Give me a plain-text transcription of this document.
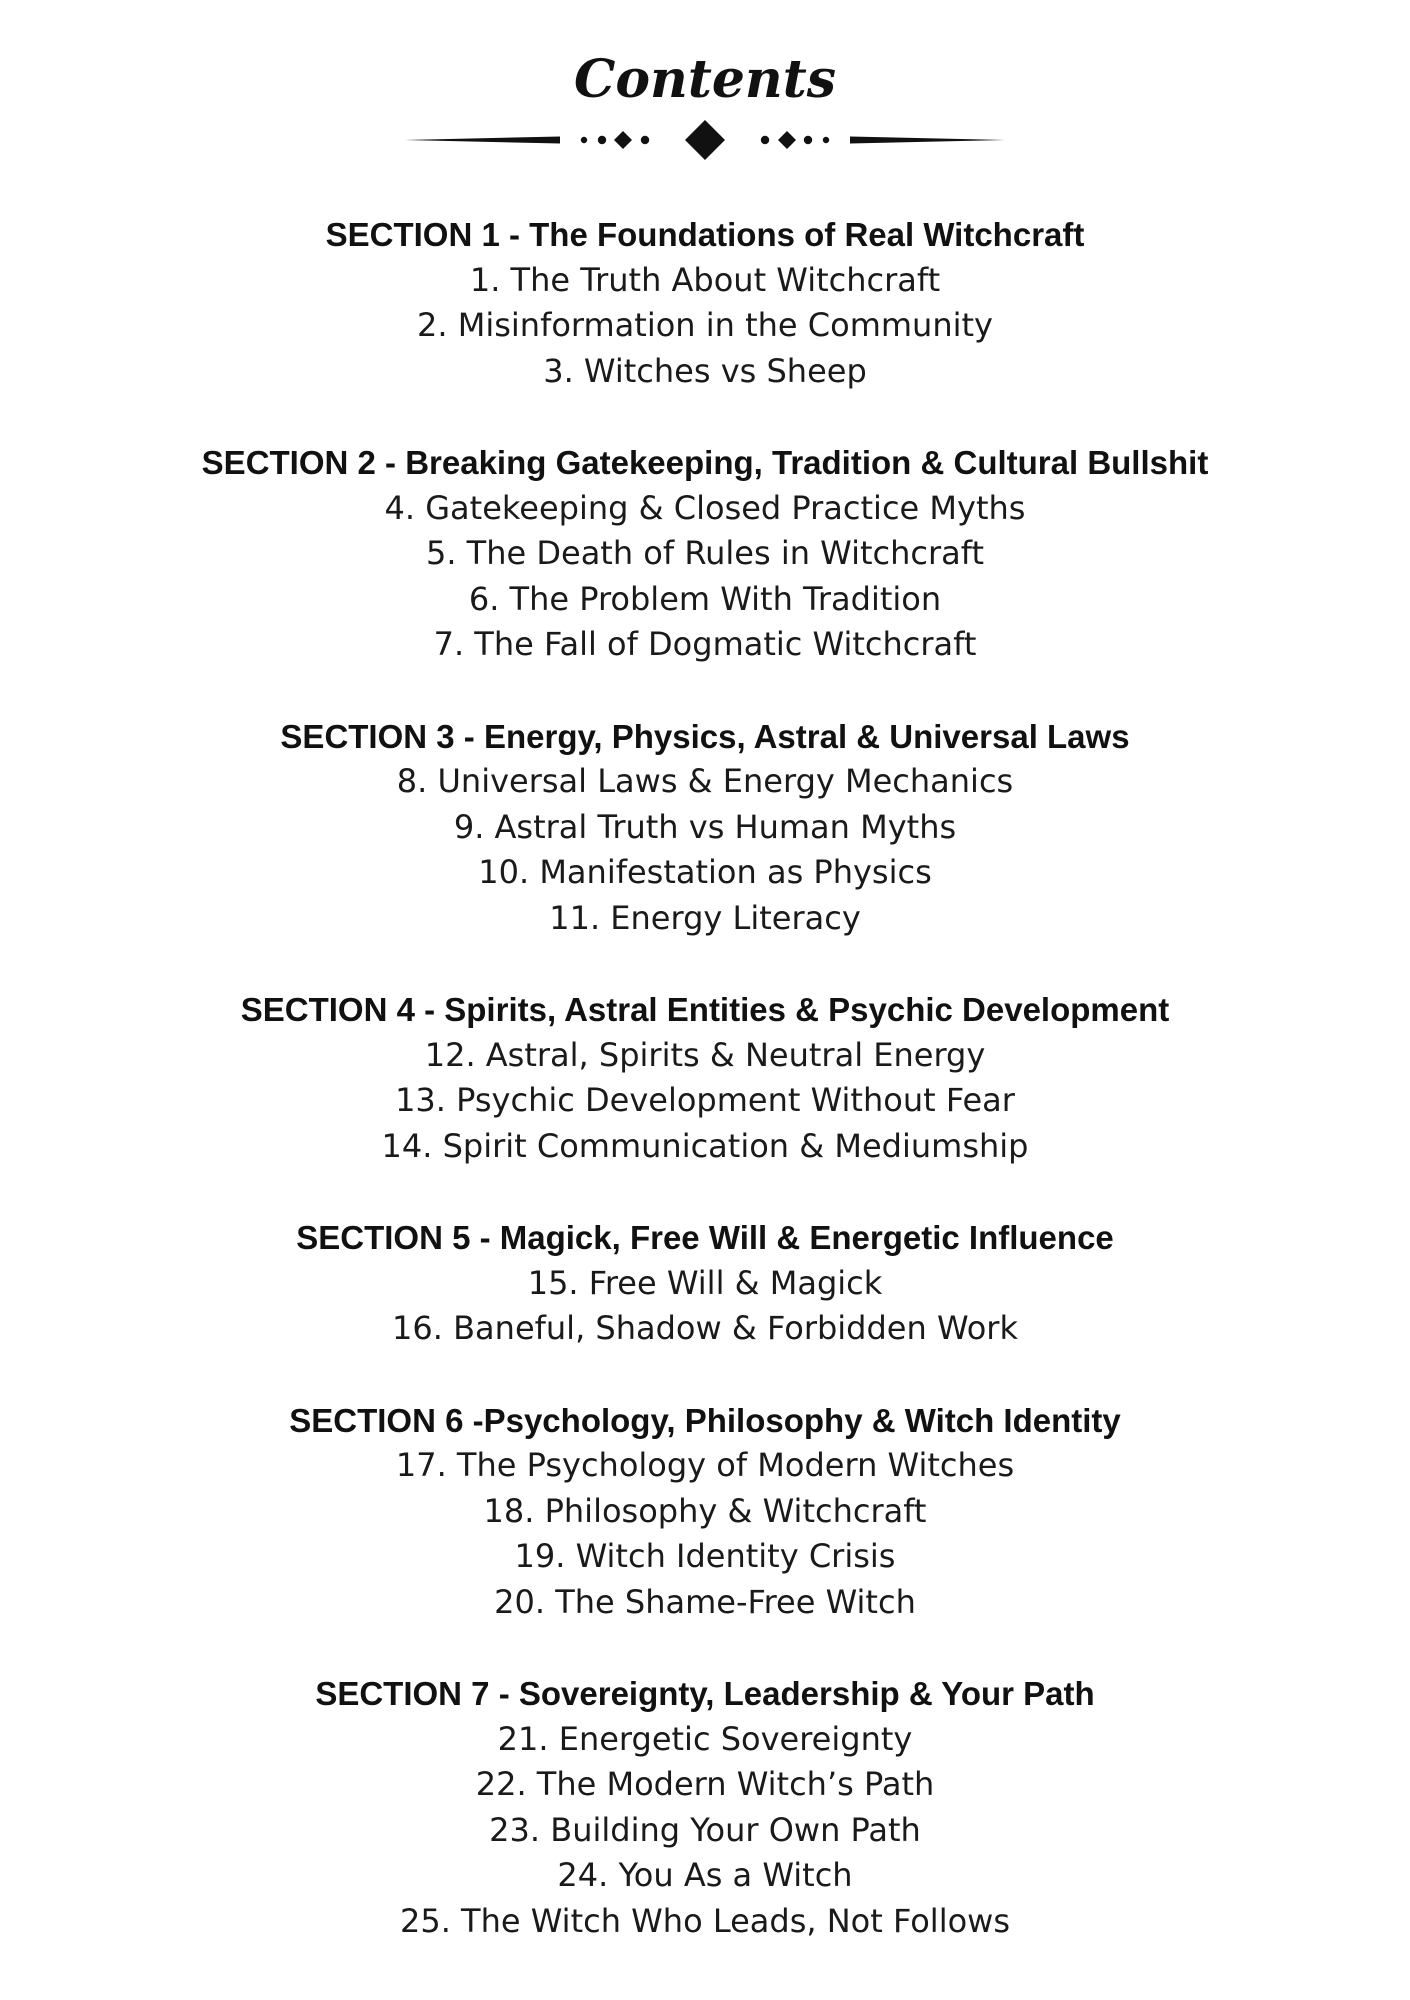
Contents

SECTION 1 - The Foundations of Real Witchcraft

1. The Truth About Witchcraft

2. Misinformation in the Community

3. Witches vs Sheep

SECTION 2 - Breaking Gatekeeping, Tradition & Cultural Bullshit

4. Gatekeeping & Closed Practice Myths

5. The Death of Rules in Witchcraft

6. The Problem With Tradition

7. The Fall of Dogmatic Witchcraft

SECTION 3 - Energy, Physics, Astral & Universal Laws

8. Universal Laws & Energy Mechanics

9. Astral Truth vs Human Myths

10. Manifestation as Physics

11. Energy Literacy

SECTION 4 - Spirits, Astral Entities & Psychic Development

12. Astral, Spirits & Neutral Energy

13. Psychic Development Without Fear

14. Spirit Communication & Mediumship

SECTION 5 - Magick, Free Will & Energetic Influence

15. Free Will & Magick

16. Baneful, Shadow & Forbidden Work

SECTION 6 -Psychology, Philosophy & Witch Identity

17. The Psychology of Modern Witches

18. Philosophy & Witchcraft

19. Witch Identity Crisis

20. The Shame-Free Witch

SECTION 7 - Sovereignty, Leadership & Your Path

21. Energetic Sovereignty

22. The Modern Witch’s Path

23. Building Your Own Path

24. You As a Witch

25. The Witch Who Leads, Not Follows
